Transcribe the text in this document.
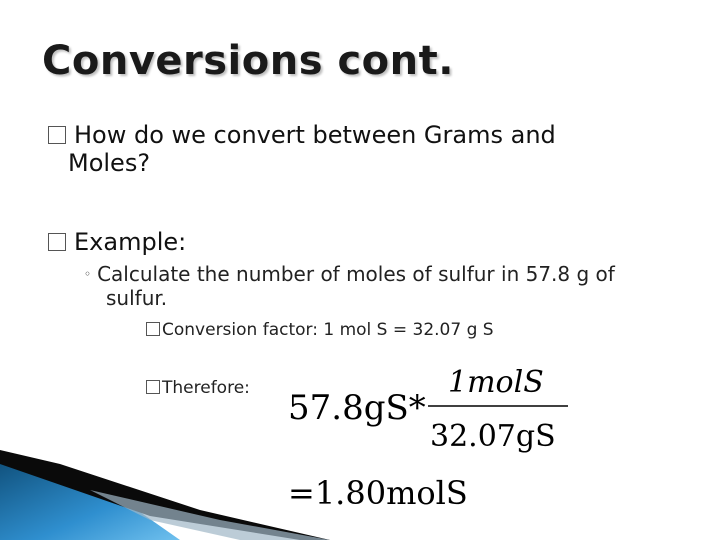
Conversions cont.
How do we convert between Grams and
Moles?
Example:
◦ Calculate the number of moles of sulfur in 57.8 g of
sulfur.
Conversion factor: 1 mol S = 32.07 g S
Therefore: 57.8gS*
1molS
32.07gS
=1.80molS
